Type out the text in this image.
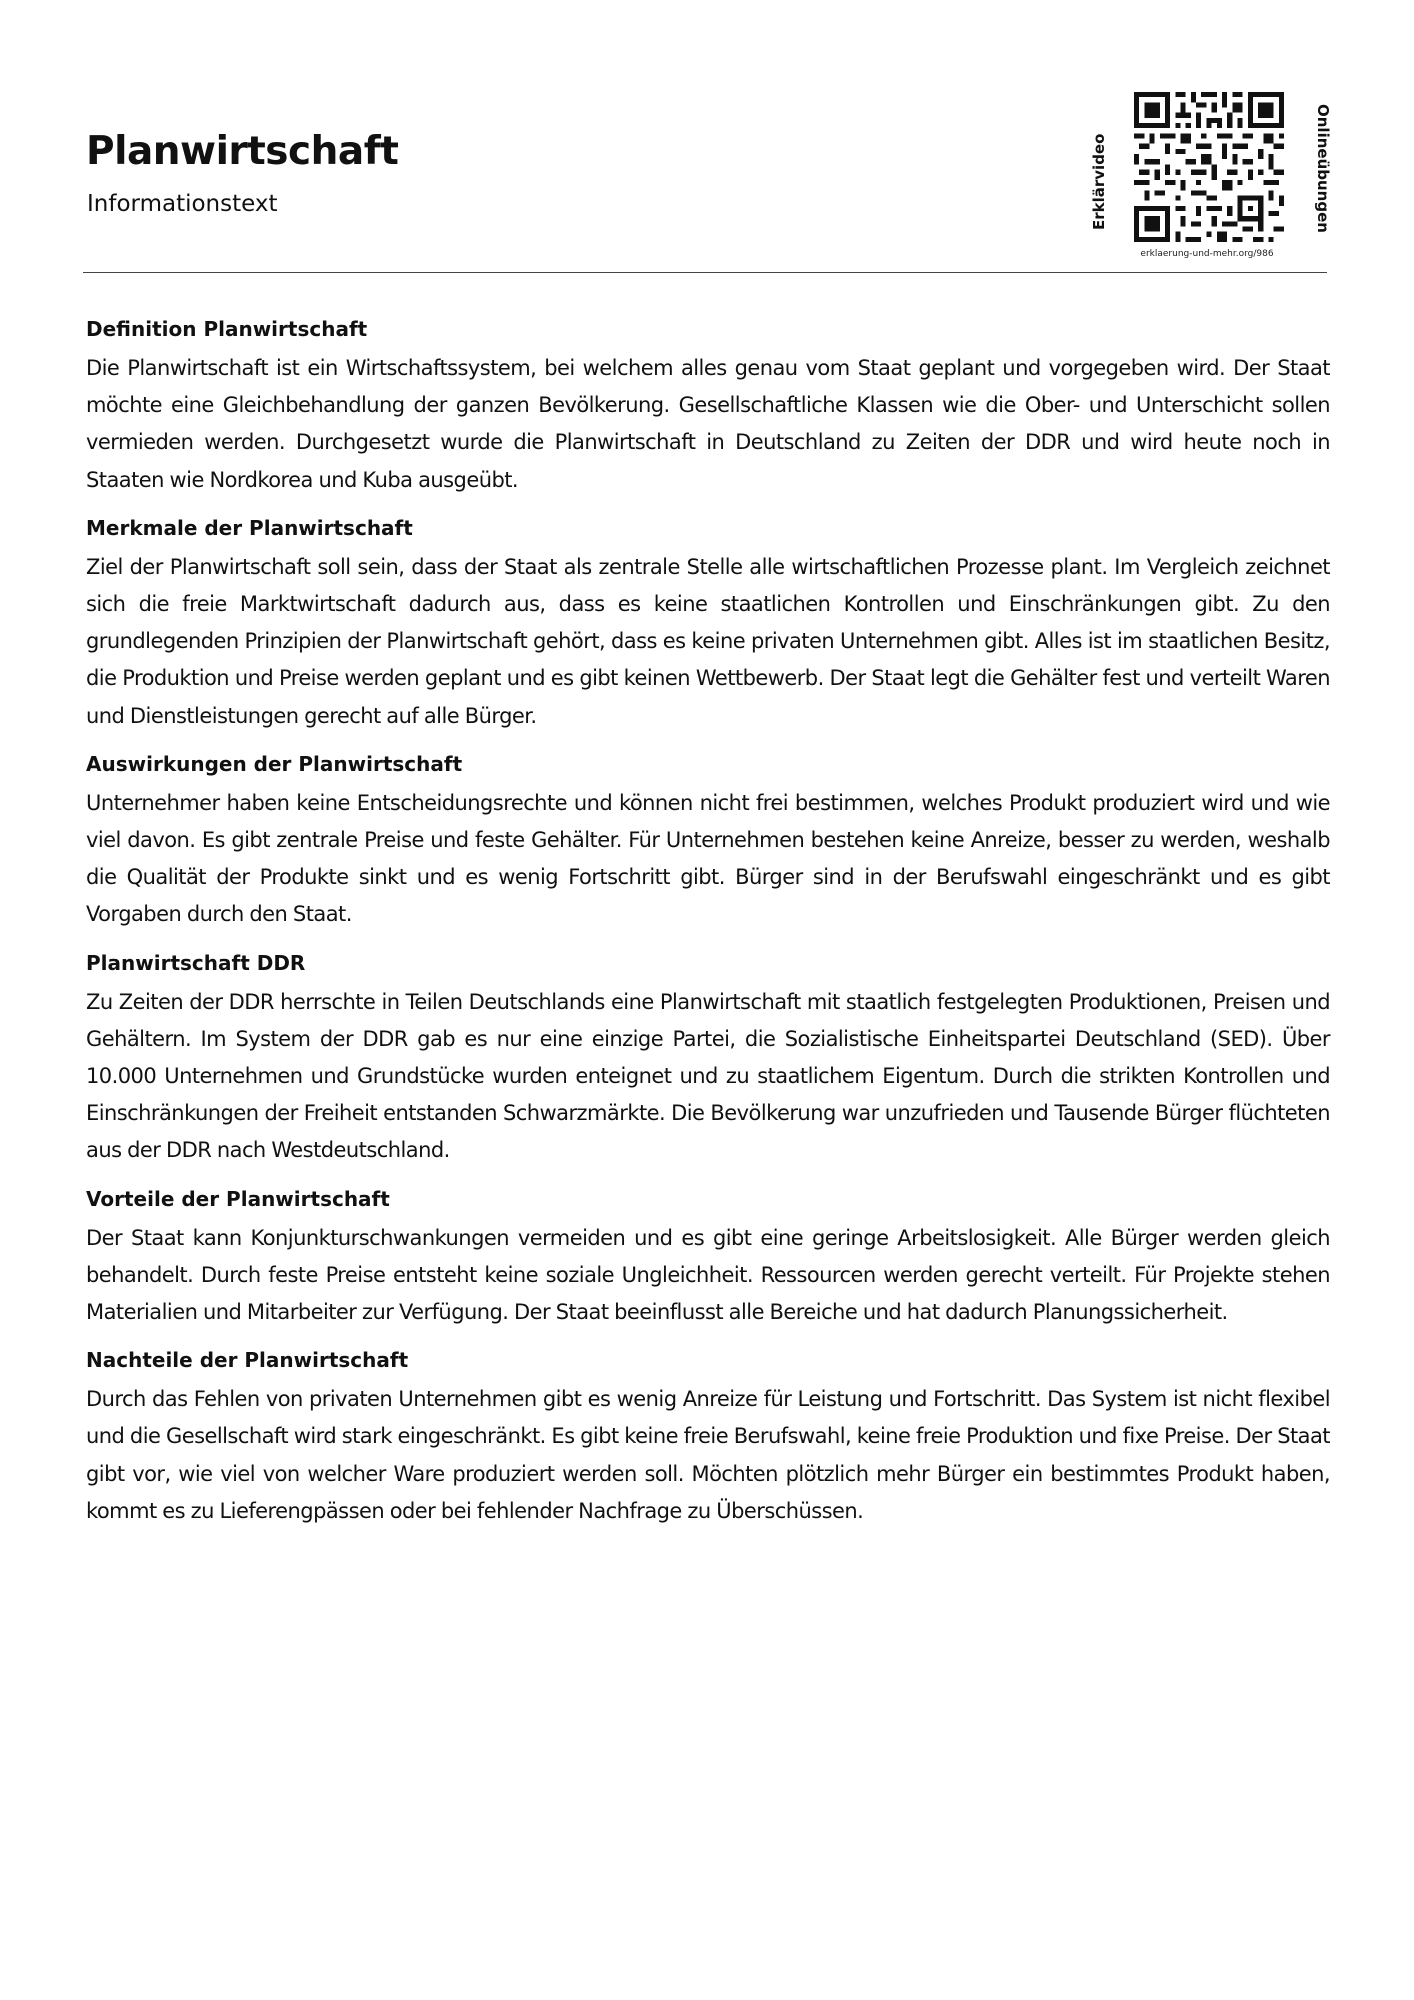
Planwirtschaft
Informationstext	Erklärvideo	Onlineübungen
erklaerung-und-mehr.org/986
Definition Planwirtschaft

Die Planwirtschaft ist ein Wirtschaftssystem, bei welchem alles genau vom Staat geplant und vorgegeben wird. Der Staat möchte eine Gleichbehandlung der ganzen Bevölkerung. Gesellschaftliche Klassen wie die Ober- und Unterschicht sollen vermieden werden. Durchgesetzt wurde die Planwirtschaft in Deutschland zu Zeiten der DDR und wird heute noch in Staaten wie Nordkorea und Kuba ausgeübt.

Merkmale der Planwirtschaft

Ziel der Planwirtschaft soll sein, dass der Staat als zentrale Stelle alle wirtschaftlichen Prozesse plant. Im Vergleich zeichnet sich die freie Marktwirtschaft dadurch aus, dass es keine staatlichen Kontrollen und Einschränkungen gibt. Zu den grundlegenden Prinzipien der Planwirtschaft gehört, dass es keine privaten Unternehmen gibt. Alles ist im staatlichen Besitz, die Produktion und Preise werden geplant und es gibt keinen Wettbewerb. Der Staat legt die Gehälter fest und verteilt Waren und Dienstleistungen gerecht auf alle Bürger.

Auswirkungen der Planwirtschaft

Unternehmer haben keine Entscheidungsrechte und können nicht frei bestimmen, welches Produkt produziert wird und wie viel davon. Es gibt zentrale Preise und feste Gehälter. Für Unternehmen bestehen keine Anreize, besser zu werden, weshalb die Qualität der Produkte sinkt und es wenig Fortschritt gibt. Bürger sind in der Berufswahl eingeschränkt und es gibt Vorgaben durch den Staat.

Planwirtschaft DDR

Zu Zeiten der DDR herrschte in Teilen Deutschlands eine Planwirtschaft mit staatlich festgelegten Produktionen, Preisen und Gehältern. Im System der DDR gab es nur eine einzige Partei, die Sozialistische Einheitspartei Deutschland (SED). Über 10.000 Unternehmen und Grundstücke wurden enteignet und zu staatlichem Eigentum. Durch die strikten Kontrollen und Einschränkungen der Freiheit entstanden Schwarzmärkte. Die Bevölkerung war unzufrieden und Tausende Bürger flüchteten aus der DDR nach Westdeutschland.

Vorteile der Planwirtschaft

Der Staat kann Konjunkturschwankungen vermeiden und es gibt eine geringe Arbeitslosigkeit. Alle Bürger werden gleich behandelt. Durch feste Preise entsteht keine soziale Ungleichheit. Ressourcen werden gerecht verteilt. Für Projekte stehen Materialien und Mitarbeiter zur Verfügung. Der Staat beeinflusst alle Bereiche und hat dadurch Planungssicherheit.

Nachteile der Planwirtschaft

Durch das Fehlen von privaten Unternehmen gibt es wenig Anreize für Leistung und Fortschritt. Das System ist nicht flexibel und die Gesellschaft wird stark eingeschränkt. Es gibt keine freie Berufswahl, keine freie Produktion und fixe Preise. Der Staat gibt vor, wie viel von welcher Ware produziert werden soll. Möchten plötzlich mehr Bürger ein bestimmtes Produkt haben, kommt es zu Lieferengpässen oder bei fehlender Nachfrage zu Überschüssen.
